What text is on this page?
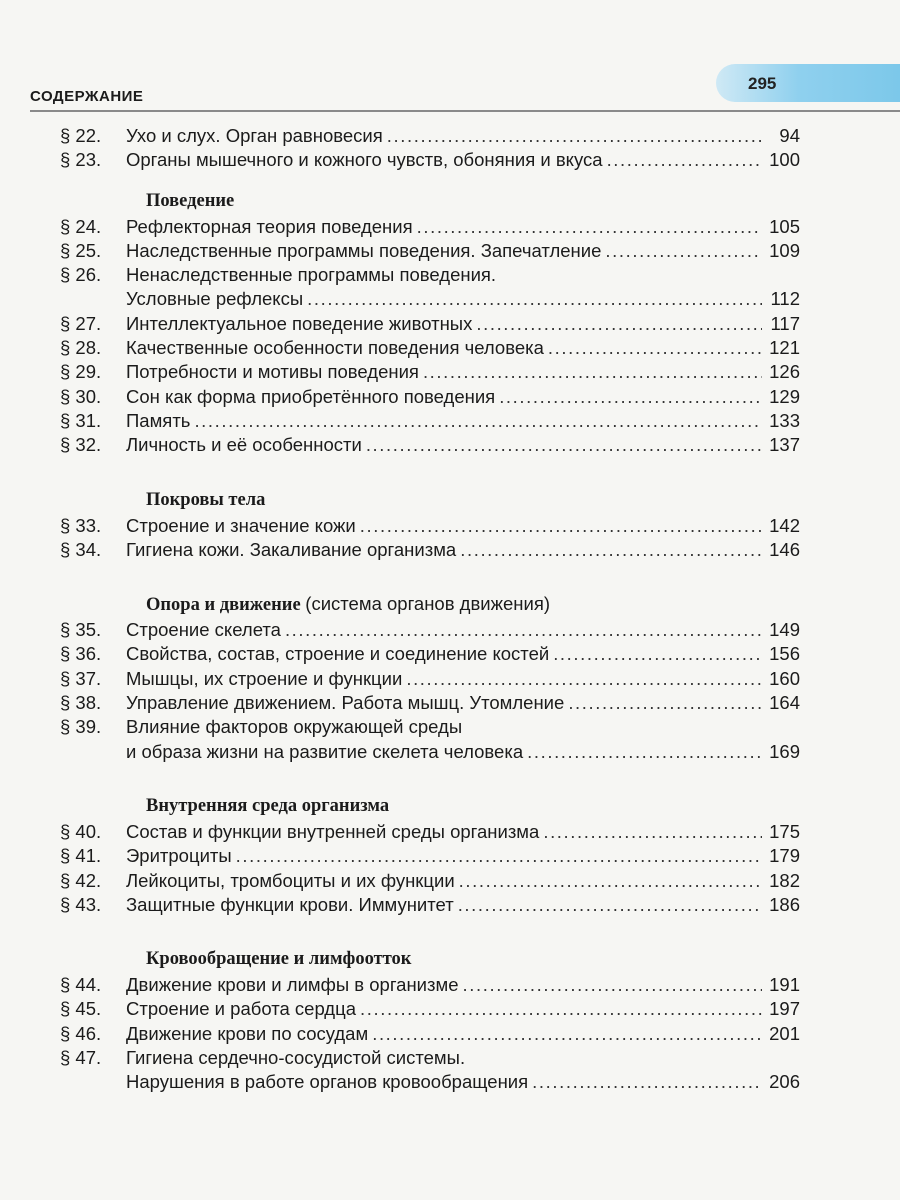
295
СОДЕРЖАНИЕ
§ 22.	Ухо и слух. Орган равновесия .....	94
§ 23.	Органы мышечного и кожного чувств, обоняния и вкуса .....	100
Поведение
§ 24.	Рефлекторная теория поведения .....	105
§ 25.	Наследственные программы поведения. Запечатление .....	109
§ 26.	Ненаследственные программы поведения.
Условные рефлексы .....	112
§ 27.	Интеллектуальное поведение животных .....	117
§ 28.	Качественные особенности поведения человека .....	121
§ 29.	Потребности и мотивы поведения .....	126
§ 30.	Сон как форма приобретённого поведения .....	129
§ 31.	Память .....	133
§ 32.	Личность и её особенности .....	137
Покровы тела
§ 33.	Строение и значение кожи .....	142
§ 34.	Гигиена кожи. Закаливание организма .....	146
Опора и движение (система органов движения)
§ 35.	Строение скелета .....	149
§ 36.	Свойства, состав, строение и соединение костей .....	156
§ 37.	Мышцы, их строение и функции .....	160
§ 38.	Управление движением. Работа мышц. Утомление .....	164
§ 39.	Влияние факторов окружающей среды
и образа жизни на развитие скелета человека .....	169
Внутренняя среда организма
§ 40.	Состав и функции внутренней среды организма .....	175
§ 41.	Эритроциты .....	179
§ 42.	Лейкоциты, тромбоциты и их функции .....	182
§ 43.	Защитные функции крови. Иммунитет .....	186
Кровообращение и лимфоотток
§ 44.	Движение крови и лимфы в организме .....	191
§ 45.	Строение и работа сердца .....	197
§ 46.	Движение крови по сосудам .....	201
§ 47.	Гигиена сердечно-сосудистой системы.
Нарушения в работе органов кровообращения .....	206
